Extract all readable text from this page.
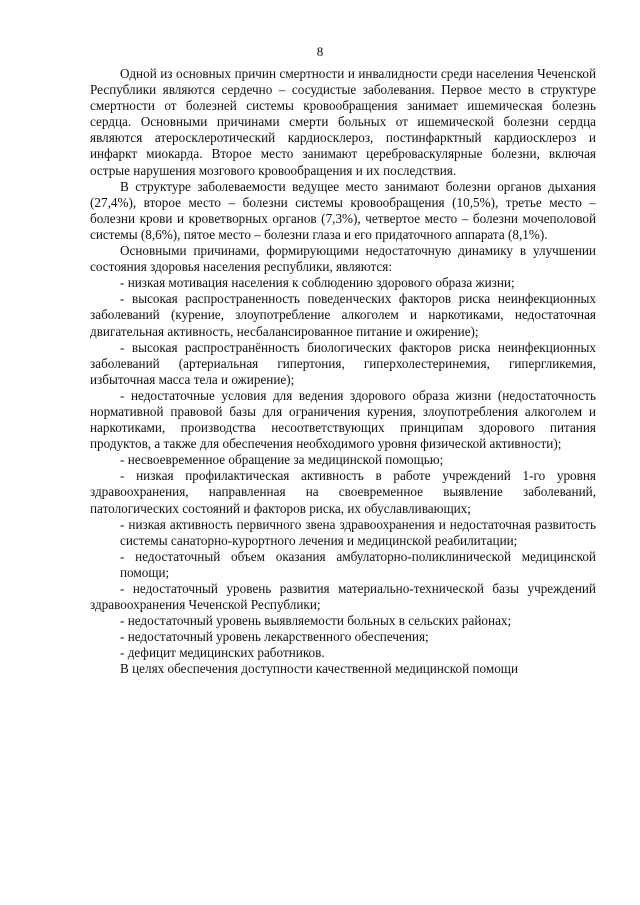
8

Одной из основных причин смертности и инвалидности среди населения Чеченской Республики являются сердечно – сосудистые заболевания. Первое место в структуре смертности от болезней системы кровообращения занимает ишемическая болезнь сердца. Основными причинами смерти больных от ишемической болезни сердца являются атеросклеротический кардиосклероз, постинфарктный кардиосклероз и инфаркт миокарда. Второе место занимают цереброваскулярные болезни, включая острые нарушения мозгового кровообращения и их последствия.

В структуре заболеваемости ведущее место занимают болезни органов дыхания (27,4%), второе место – болезни системы кровообращения (10,5%), третье место – болезни крови и кроветворных органов (7,3%), четвертое место – болезни мочеполовой системы (8,6%), пятое место – болезни глаза и его придаточного аппарата (8,1%).

Основными причинами, формирующими недостаточную динамику в улучшении состояния здоровья населения республики, являются:

- низкая мотивация населения к соблюдению здорового образа жизни;

- высокая распространенность поведенческих факторов риска неинфекционных заболеваний (курение, злоупотребление алкоголем и наркотиками, недостаточная двигательная активность, несбалансированное питание и ожирение);

- высокая распространённость биологических факторов риска неинфекционных заболеваний (артериальная гипертония, гиперхолестеринемия, гипергликемия, избыточная масса тела и ожирение);

- недостаточные условия для ведения здорового образа жизни (недостаточность нормативной правовой базы для ограничения курения, злоупотребления алкоголем и наркотиками, производства несоответствующих принципам здорового питания продуктов, а также для обеспечения необходимого уровня физической активности);

- несвоевременное обращение за медицинской помощью;

- низкая профилактическая активность в работе учреждений 1-го уровня здравоохранения, направленная на своевременное выявление заболеваний, патологических состояний и факторов риска, их обуславливающих;

- низкая активность первичного звена здравоохранения и недостаточная развитость системы санаторно-курортного лечения и медицинской реабилитации;

- недостаточный объем оказания амбулаторно-поликлинической медицинской помощи;

- недостаточный уровень развития материально-технической базы учреждений здравоохранения Чеченской Республики;

- недостаточный уровень выявляемости больных в сельских районах;

- недостаточный уровень лекарственного обеспечения;

- дефицит медицинских работников.

В целях обеспечения доступности качественной медицинской помощи
